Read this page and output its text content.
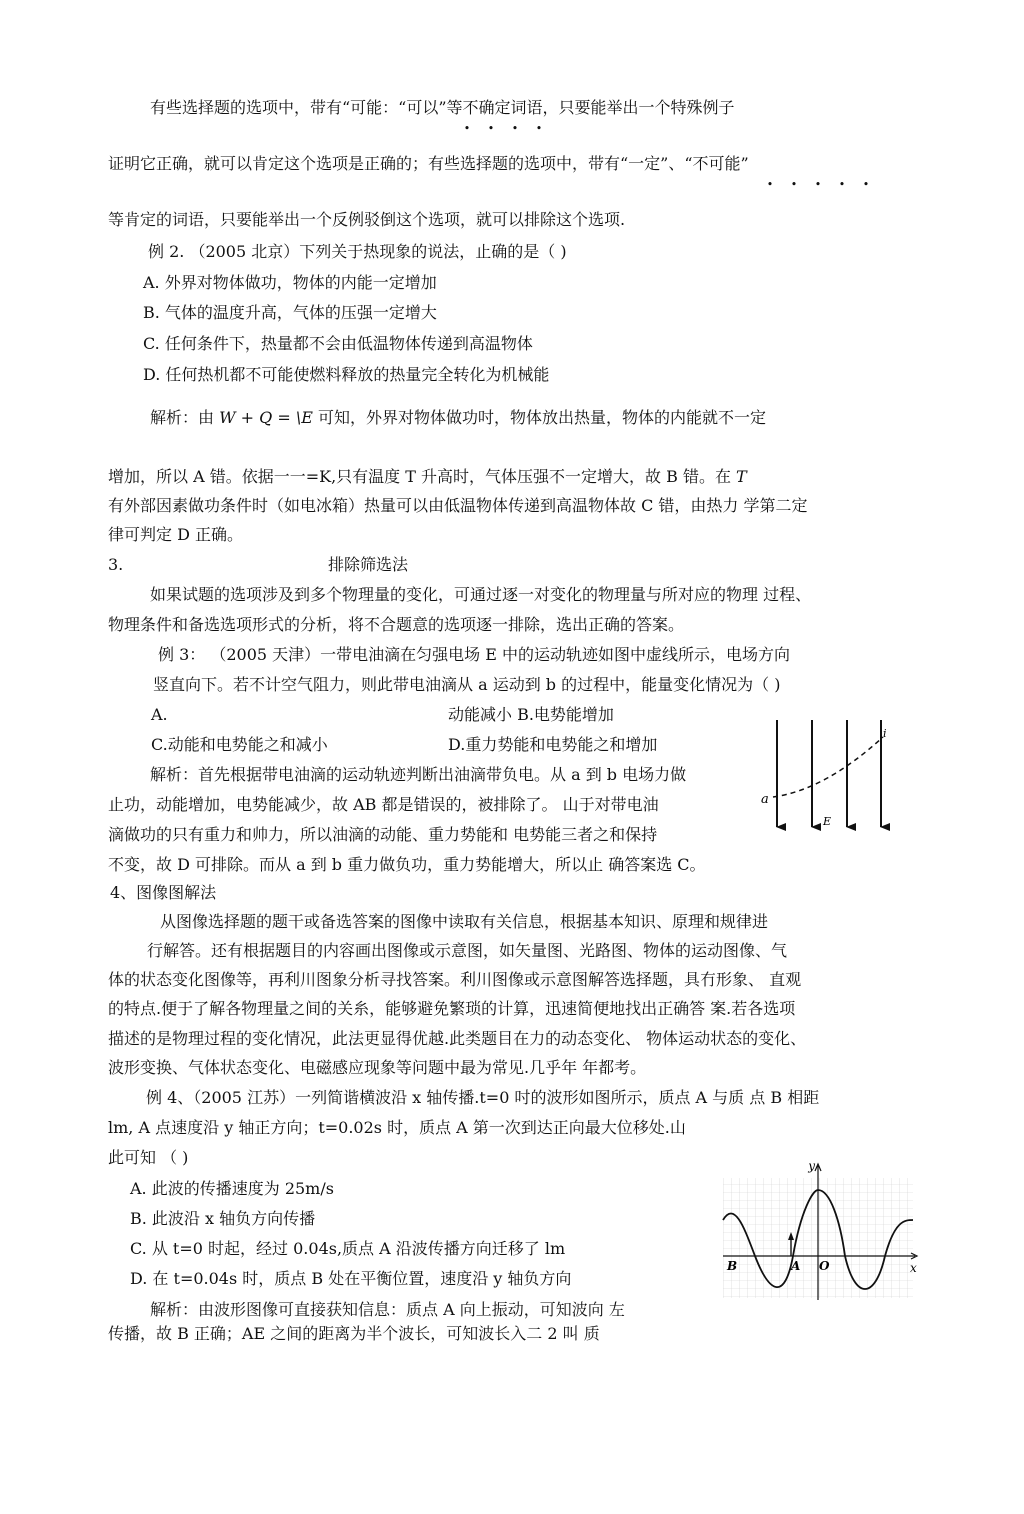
有些选择题的选项中，带有“可能：“可以”等不确定词语，只要能举出一个特殊例子
• • • •
证明它正确，就可以肯定这个选项是正确的；有些选择题的选项中，带有“一定”、“不可能”
• • • • •
等肯定的词语，只要能举出一个反例驳倒这个选项，就可以排除这个选项.
例 2. （2005 北京）下列关于热现象的说法，止确的是（ )
A. 外界对物体做功，物体的内能一定增加
B. 气体的温度升高，气体的压强一定增大
C. 任何条件下，热量都不会由低温物体传递到高温物体
D. 任何热机都不可能使燃料释放的热量完全转化为机械能
解析：由 W + Q = \E 可知，外界对物体做功吋，物体放出热量，物体的内能就不一定
增加，所以 A 错。依据一一=K,只有温度 T 升高时，气体压强不一定增大，故 B 错。在 T
有外部因素做功条件时（如电冰箱）热量可以由低温物体传递到高温物体故 C 错，由热力 学第二定
律可判定 D 正确。
3.	排除筛选法
如果试题的选项涉及到多个物理量的变化，可通过逐一对变化的物理量与所对应的物理 过程、
物理条件和备选选项形式的分析，将不合题意的选项逐一排除，选出正确的答案。
例 3： （2005 天津）一带电油滴在匀强电场 E 中的运动轨迹如图中虚线所示，电场方向
竖直向下。若不计空气阻力，则此带电油滴从 a 运动到 b 的过程中，能量变化情况为（ )
A.	动能减小 B.电势能增加
C.动能和电势能之和减小	D.重力势能和电势能之和增加
解析：首先根据带电油滴的运动轨迹判断出油滴带负电。从 a 到 b 电场力做
止功，动能增加，电势能减少，故 AB 都是错误的，被排除了。 山于对带电油
滴做功的只有重力和帅力，所以油滴的动能、重力势能和 电势能三者之和保持
不变，故 D 可排除。而从 a 到 b 重力做负功，重力势能增大，所以止 确答案选 C。
a
i
E
4、图像图解法
从图像选择题的题干或备选答案的图像中读取有关信息，根据基本知识、原理和规律进
行解答。还有根据题目的内容画出图像或示意图，如矢量图、光路图、物体的运动图像、气
体的状态变化图像等，再利川图象分析寻找答案。利川图像或示意图解答选择题，具冇形象、 直观
的特点.便于了解各物理量之间的关糸，能够避免繁琐的计算，迅速简便地找出正确答 案.若各选项
描述的是物理过程的变化情况，此法更显得优越.此类题目在力的动态变化、 物体运动状态的变化、
波形变换、气体状态变化、电磁感应现象等问题中最为常见.几乎年 年都考。
例 4、（2005 江苏）一列简谐横波沿 x 轴传播.t=0 吋的波形如图所示，质点 A 与质 点 B 相距
lm, A 点速度沿 y 轴正方向；t=0.02s 时，质点 A 第一次到达正向最大位移处.山
此可知 （ )
A. 此波的传播速度为 25m/s
B. 此波沿 x 轴负方向传播
C. 从 t=0 时起，经过 0.04s,质点 A 沿波传播方向迁移了 lm
D. 在 t=0.04s 时，质点 B 处在平衡位置，速度沿 y 轴负方向
解析：由波形图像可直接获知信息：质点 A 向上振动，可知波向 左
传播，故 B 正确；AE 之间的距离为半个波长，可知波长入二 2 叫 质
y
x
B	A O
